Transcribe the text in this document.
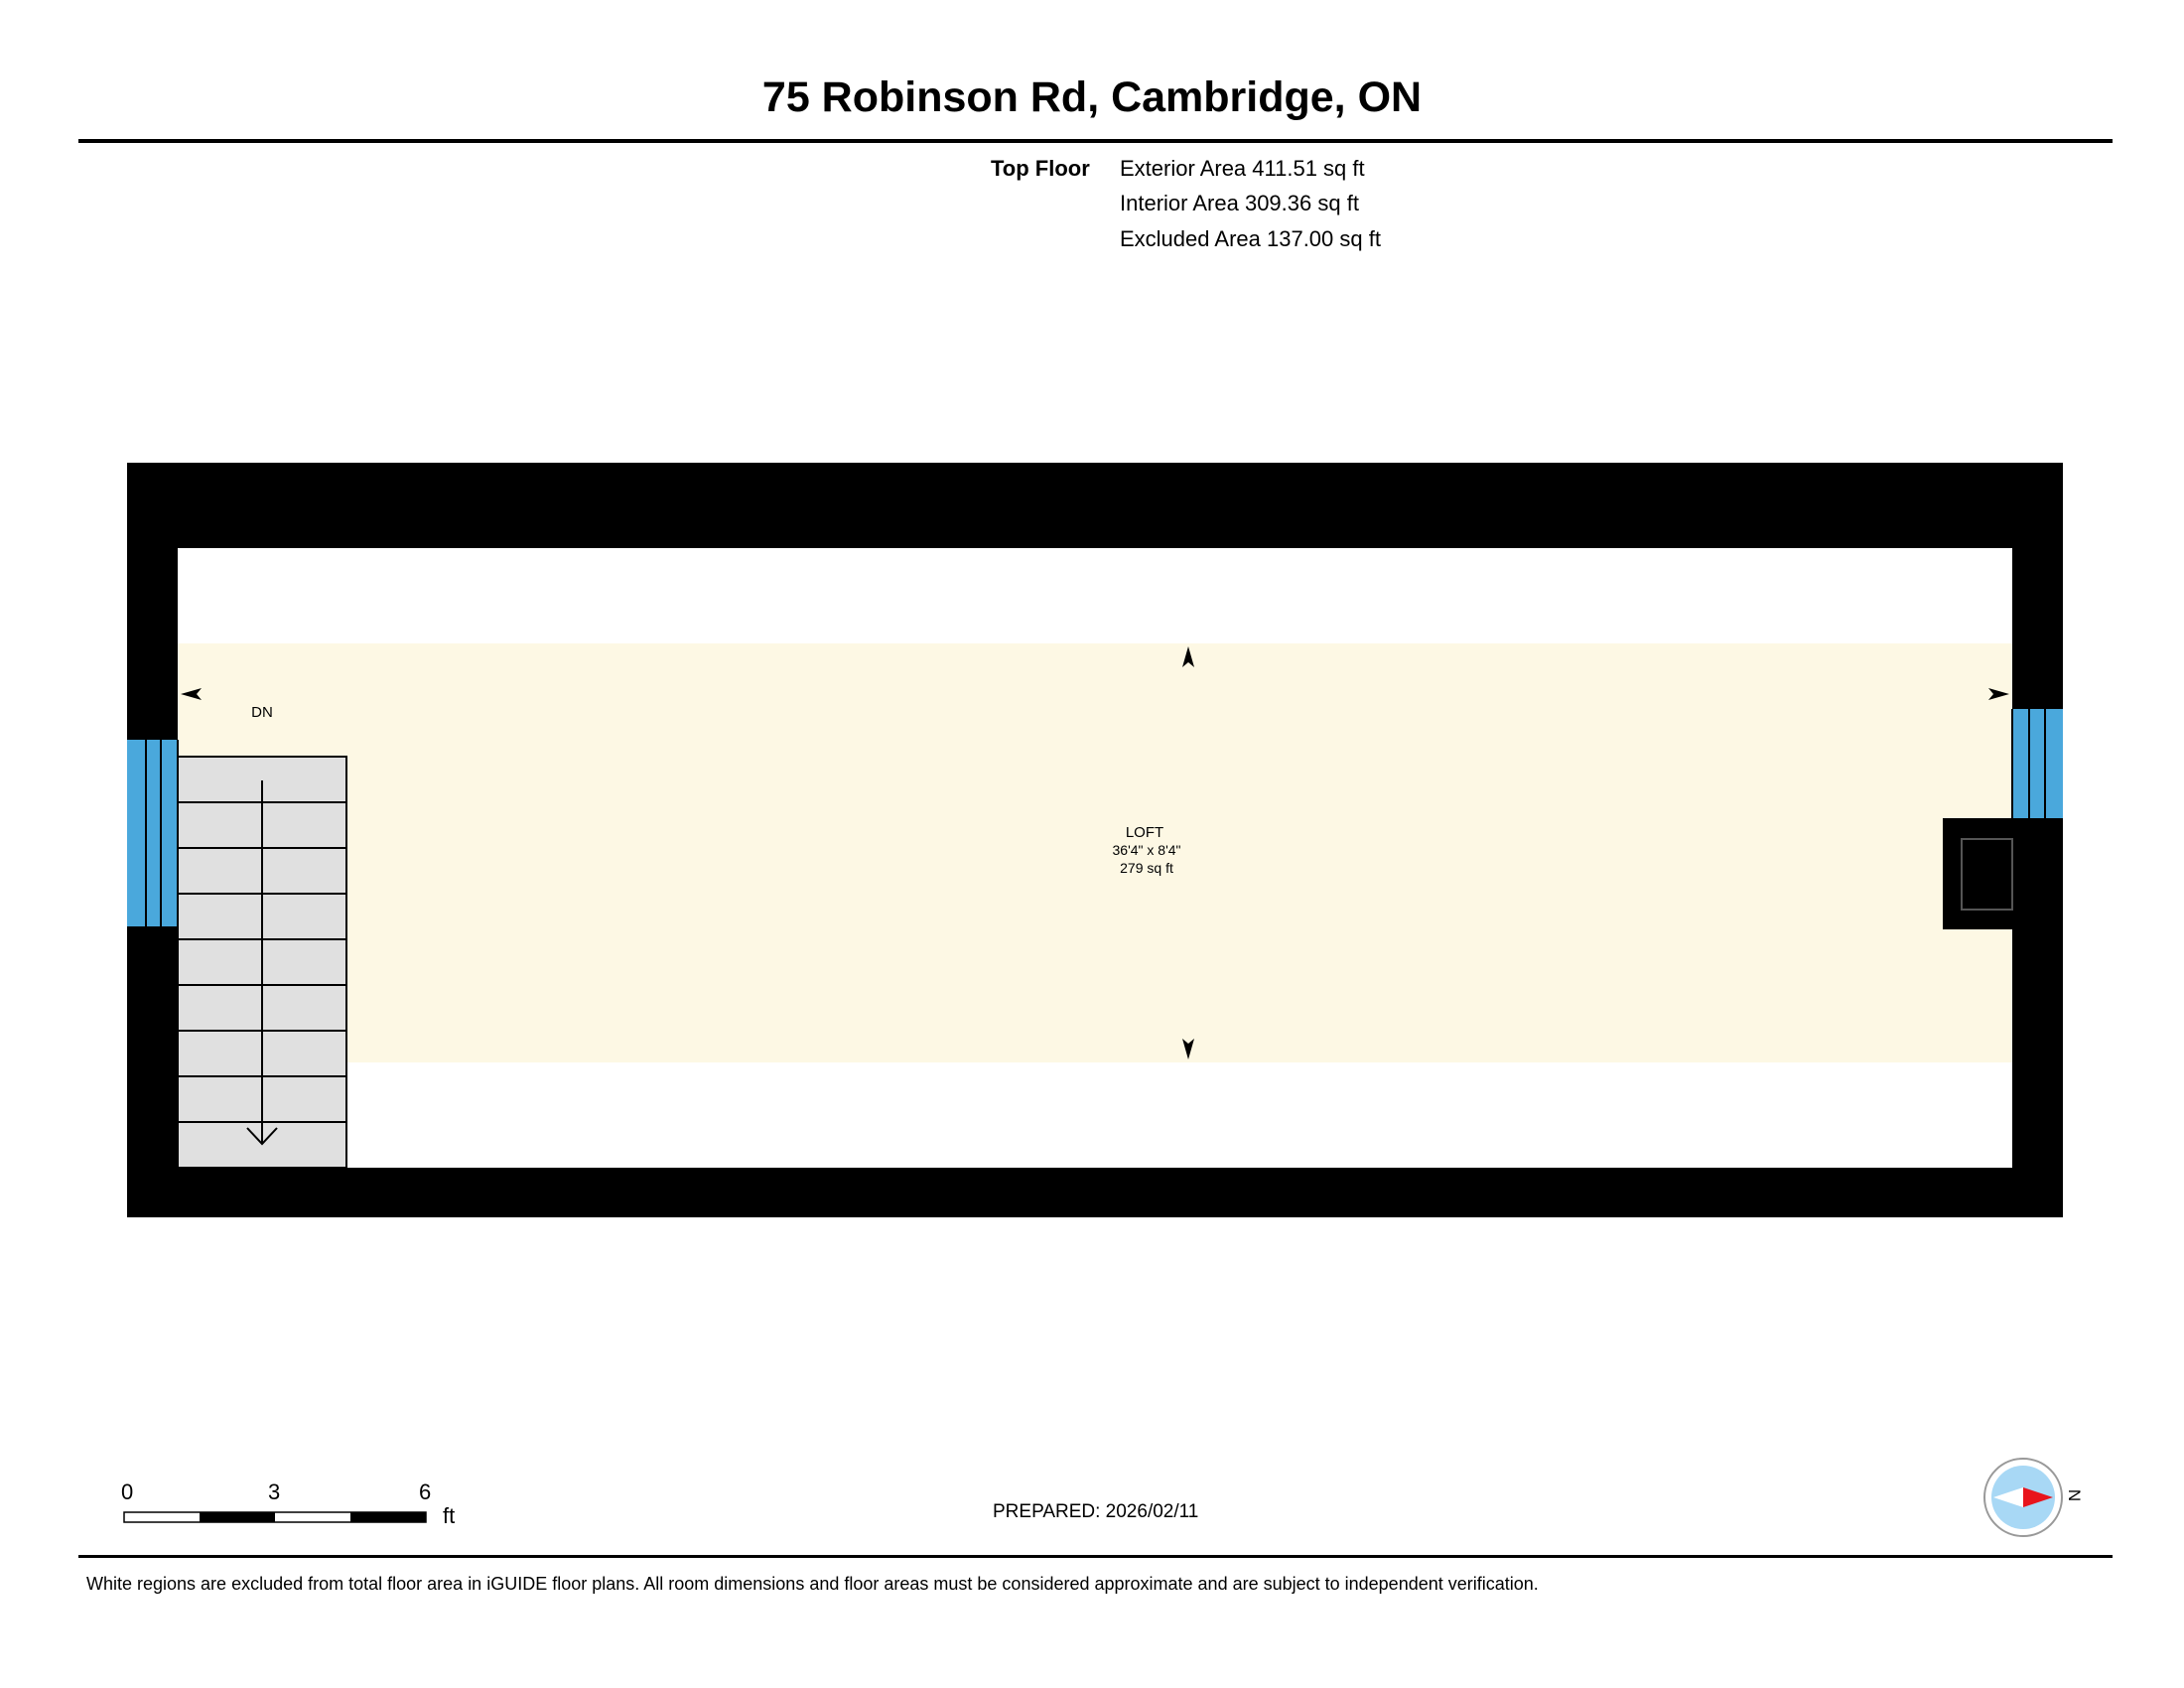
75 Robinson Rd, Cambridge, ON
Top Floor Exterior Area 411.51 sq ft
Interior Area 309.36 sq ft
Excluded Area 137.00 sq ft
DN
LOFT
36'4" x 8'4"
279 sq ft
0	3	6
ft	PREPARED: 2026/02/11
N
White regions are excluded from total floor area in iGUIDE floor plans. All room dimensions and floor areas must be considered approximate and are subject to independent verification.
